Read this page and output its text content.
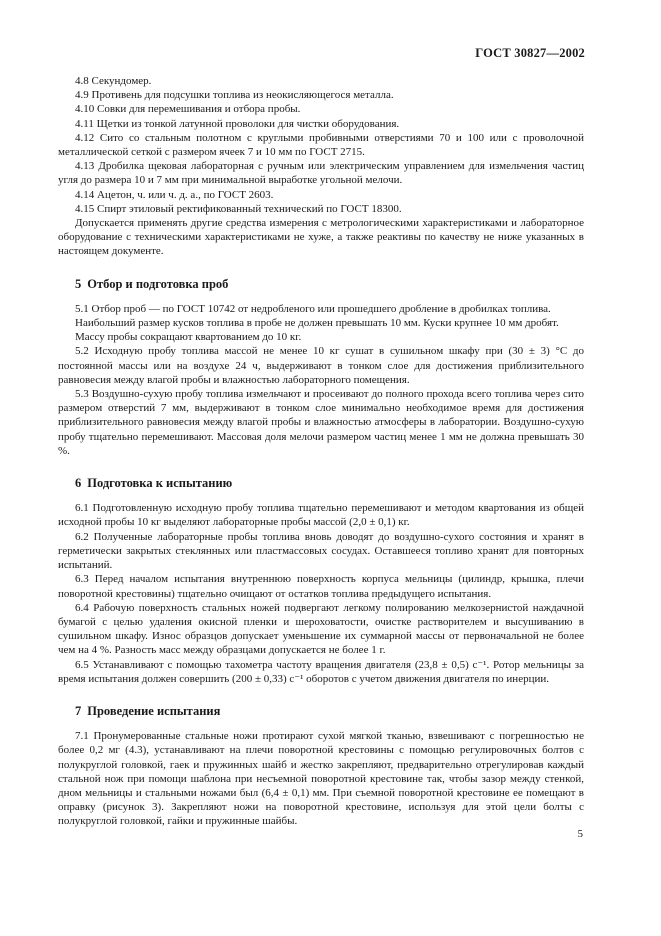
ГОСТ 30827—2002

4.8 Секундомер.

4.9 Противень для подсушки топлива из неокисляющегося металла.

4.10 Совки для перемешивания и отбора пробы.

4.11 Щетки из тонкой латунной проволоки для чистки оборудования.

4.12 Сито со стальным полотном с круглыми пробивными отверстиями 70 и 100 или с проволочной металлической сеткой с размером ячеек 7 и 10 мм по ГОСТ 2715.

4.13 Дробилка щековая лабораторная с ручным или электрическим управлением для измельчения частиц угля до размера 10 и 7 мм при минимальной выработке угольной мелочи.

4.14 Ацетон, ч. или ч. д. а., по ГОСТ 2603.

4.15 Спирт этиловый ректификованный технический по ГОСТ 18300.

Допускается применять другие средства измерения с метрологическими характеристиками и лабораторное оборудование с техническими характеристиками не хуже, а также реактивы по качеству не ниже указанных в настоящем документе.

5 Отбор и подготовка проб

5.1 Отбор проб — по ГОСТ 10742 от недробленого или прошедшего дробление в дробилках топлива.

Наибольший размер кусков топлива в пробе не должен превышать 10 мм. Куски крупнее 10 мм дробят.

Массу пробы сокращают квартованием до 10 кг.

5.2 Исходную пробу топлива массой не менее 10 кг сушат в сушильном шкафу при (30 ± 3) °С до постоянной массы или на воздухе 24 ч, выдерживают в тонком слое для достижения приблизительного равновесия между влагой пробы и влажностью лабораторного помещения.

5.3 Воздушно-сухую пробу топлива измельчают и просеивают до полного прохода всего топлива через сито размером отверстий 7 мм, выдерживают в тонком слое минимально необходимое время для достижения приблизительного равновесия между влагой пробы и влажностью атмосферы в лаборатории. Воздушно-сухую пробу тщательно перемешивают. Массовая доля мелочи размером частиц менее 1 мм не должна превышать 30 %.

6 Подготовка к испытанию

6.1 Подготовленную исходную пробу топлива тщательно перемешивают и методом квартования из общей исходной пробы 10 кг выделяют лабораторные пробы массой (2,0 ± 0,1) кг.

6.2 Полученные лабораторные пробы топлива вновь доводят до воздушно-сухого состояния и хранят в герметически закрытых стеклянных или пластмассовых сосудах. Оставшееся топливо хранят для повторных испытаний.

6.3 Перед началом испытания внутреннюю поверхность корпуса мельницы (цилиндр, крышка, плечи поворотной крестовины) тщательно очищают от остатков топлива предыдущего испытания.

6.4 Рабочую поверхность стальных ножей подвергают легкому полированию мелкозернистой наждачной бумагой с целью удаления окисной пленки и шероховатости, очистке растворителем и высушиванию в сушильном шкафу. Износ образцов допускает уменьшение их суммарной массы от первоначальной не более чем на 4 %. Разность масс между образцами допускается не более 1 г.

6.5 Устанавливают с помощью тахометра частоту вращения двигателя (23,8 ± 0,5) с⁻¹. Ротор мельницы за время испытания должен совершить (200 ± 0,33) с⁻¹ оборотов с учетом движения двигателя по инерции.

7 Проведение испытания

7.1 Пронумерованные стальные ножи протирают сухой мягкой тканью, взвешивают с погрешностью не более 0,2 мг (4.3), устанавливают на плечи поворотной крестовины с помощью регулировочных болтов с полукруглой головкой, гаек и пружинных шайб и жестко закрепляют, предварительно отрегулировав каждый стальной нож при помощи шаблона при несъемной поворотной крестовине так, чтобы зазор между стенкой, дном мельницы и стальными ножами был (6,4 ± 0,1) мм. При съемной поворотной крестовине ее помещают в оправку (рисунок 3). Закрепляют ножи на поворотной крестовине, используя для этой цели болты с полукруглой головкой, гайки и пружинные шайбы.

5
